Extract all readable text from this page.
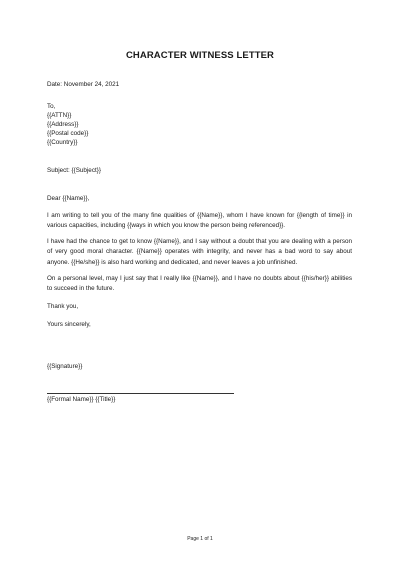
CHARACTER WITNESS LETTER
Date: November 24, 2021
To,
{{ATTN}}
{{Address}}
{{Postal code}}
{{Country}}
Subject: {{Subject}}
Dear {{Name}},
I am writing to tell you of the many fine qualities of {{Name}}, whom I have known for {{length of time}} in various capacities, including {{ways in which you know the person being referenced}}.
I have had the chance to get to know {{Name}}, and I say without a doubt that you are dealing with a person of very good moral character. {{Name}} operates with integrity, and never has a bad word to say about anyone. {{He/she}} is also hard working and dedicated, and never leaves a job unfinished.
On a personal level, may I just say that I really like {{Name}}, and I have no doubts about {{his/her}} abilities to succeed in the future.
Thank you,
Yours sincerely,
{{Signature}}
{{Formal Name}} {{Title}}
Page 1 of 1
